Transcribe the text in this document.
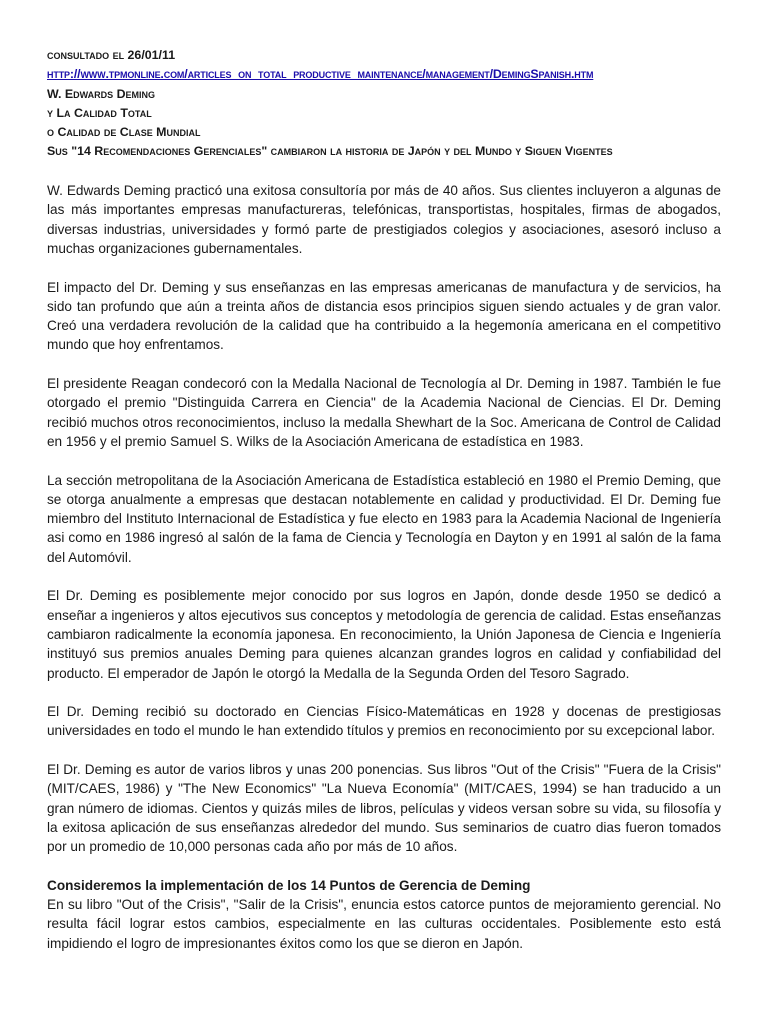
consultado el 26/01/11
http://www.tpmonline.com/articles_on_total_productive_maintenance/management/DemingSpanish.htm
W. Edwards Deming
y La Calidad Total
o Calidad de Clase Mundial
Sus "14 Recomendaciones Gerenciales" cambiaron la historia de Japón y del Mundo y Siguen Vigentes

W. Edwards Deming practicó una exitosa consultoría por más de 40 años. Sus clientes incluyeron a algunas de las más importantes empresas manufactureras, telefónicas, transportistas, hospitales, firmas de abogados, diversas industrias, universidades y formó parte de prestigiados colegios y asociaciones, asesoró incluso a muchas organizaciones gubernamentales.

El impacto del Dr. Deming y sus enseñanzas en las empresas americanas de manufactura y de servicios, ha sido tan profundo que aún a treinta años de distancia esos principios siguen siendo actuales y de gran valor. Creó una verdadera revolución de la calidad que ha contribuido a la hegemonía americana en el competitivo mundo que hoy enfrentamos.

El presidente Reagan condecoró con la Medalla Nacional de Tecnología al Dr. Deming in 1987. También le fue otorgado el premio "Distinguida Carrera en Ciencia" de la Academia Nacional de Ciencias. El Dr. Deming recibió muchos otros reconocimientos, incluso la medalla Shewhart de la Soc. Americana de Control de Calidad en 1956 y el premio Samuel S. Wilks de la Asociación Americana de estadística en 1983.

La sección metropolitana de la Asociación Americana de Estadística estableció en 1980 el Premio Deming, que se otorga anualmente a empresas que destacan notablemente en calidad y productividad. El Dr. Deming fue miembro del Instituto Internacional de Estadística y fue electo en 1983 para la Academia Nacional de Ingeniería asi como en 1986 ingresó al salón de la fama de Ciencia y Tecnología en Dayton y en 1991 al salón de la fama del Automóvil.

El Dr. Deming es posiblemente mejor conocido por sus logros en Japón, donde desde 1950 se dedicó a enseñar a ingenieros y altos ejecutivos sus conceptos y metodología de gerencia de calidad. Estas enseñanzas cambiaron radicalmente la economía japonesa. En reconocimiento, la Unión Japonesa de Ciencia e Ingeniería instituyó sus premios anuales Deming para quienes alcanzan grandes logros en calidad y confiabilidad del producto. El emperador de Japón le otorgó la Medalla de la Segunda Orden del Tesoro Sagrado.

El Dr. Deming recibió su doctorado en Ciencias Físico-Matemáticas en 1928 y docenas de prestigiosas universidades en todo el mundo le han extendido títulos y premios en reconocimiento por su excepcional labor.

El Dr. Deming es autor de varios libros y unas 200 ponencias. Sus libros "Out of the Crisis" "Fuera de la Crisis"(MIT/CAES, 1986) y "The New Economics" "La Nueva Economía" (MIT/CAES, 1994) se han traducido a un gran número de idiomas. Cientos y quizás miles de libros, películas y videos versan sobre su vida, su filosofía y la exitosa aplicación de sus enseñanzas alrededor del mundo. Sus seminarios de cuatro dias fueron tomados por un promedio de 10,000 personas cada año por más de 10 años.

Consideremos la implementación de los 14 Puntos de Gerencia de Deming

En su libro "Out of the Crisis", "Salir de la Crisis", enuncia estos catorce puntos de mejoramiento gerencial. No resulta fácil lograr estos cambios, especialmente en las culturas occidentales. Posiblemente esto está impidiendo el logro de impresionantes éxitos como los que se dieron en Japón.
